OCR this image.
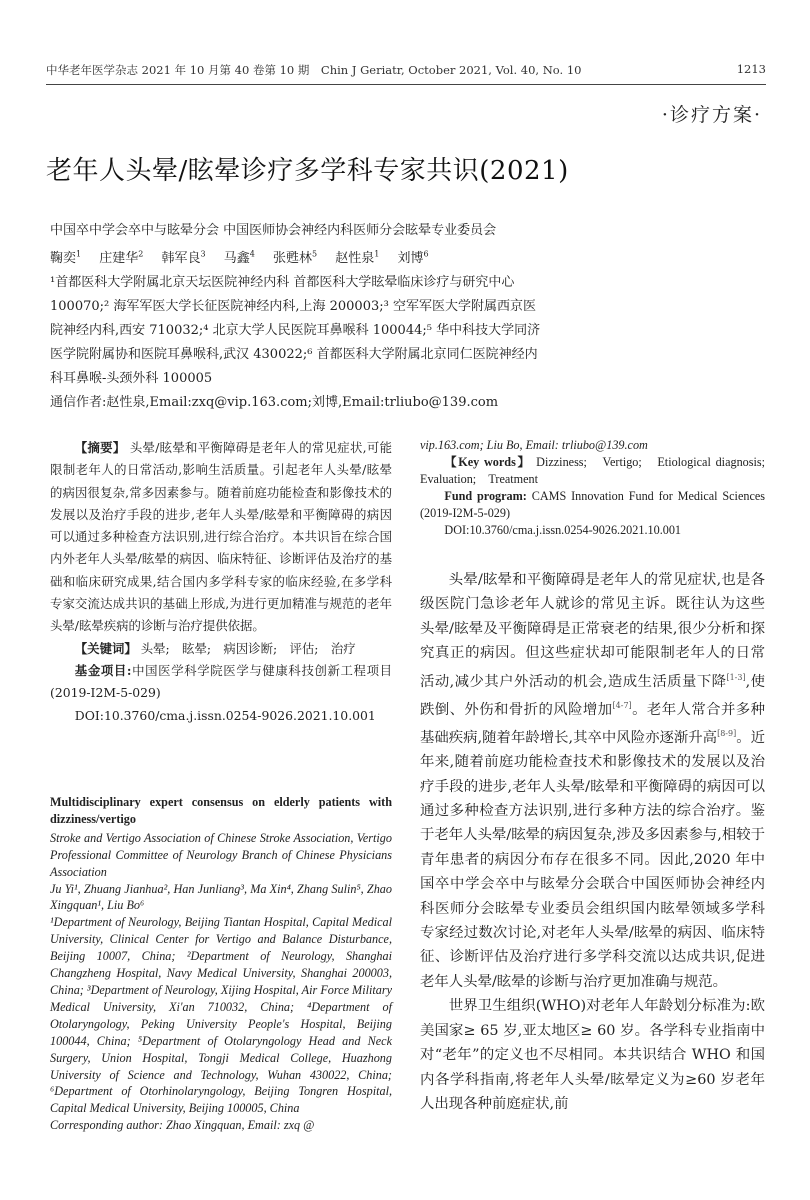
中华老年医学杂志 2021 年 10 月第 40 卷第 10 期　Chin J Geriatr, October 2021, Vol. 40, No. 10	1213
·诊疗方案·
老年人头晕/眩晕诊疗多学科专家共识(2021)
中国卒中学会卒中与眩晕分会 中国医师协会神经内科医师分会眩晕专业委员会
鞠奕$^1$ 庄建华$^2$ 韩军良$^3$ 马鑫$^4$ 张甦林$^5$ 赵性泉$^1$ 刘博$^6$
¹首都医科大学附属北京天坛医院神经内科 首都医科大学眩晕临床诊疗与研究中心
100070;² 海军军医大学长征医院神经内科,上海 200003;³ 空军军医大学附属西京医
院神经内科,西安 710032;⁴ 北京大学人民医院耳鼻喉科 100044;⁵ 华中科技大学同济
医学院附属协和医院耳鼻喉科,武汉 430022;⁶ 首都医科大学附属北京同仁医院神经内
科耳鼻喉-头颈外科 100005
通信作者:赵性泉,Email:zxq@vip.163.com;刘博,Email:trliubo@139.com

【摘要】 头晕/眩晕和平衡障碍是老年人的常见症状,可能限制老年人的日常活动,影响生活质量。引起老年人头晕/眩晕的病因很复杂,常多因素参与。随着前庭功能检查和影像技术的发展以及治疗手段的进步,老年人头晕/眩晕和平衡障碍的病因可以通过多种检查方法识别,进行综合治疗。本共识旨在综合国内外老年人头晕/眩晕的病因、临床特征、诊断评估及治疗的基础和临床研究成果,结合国内多学科专家的临床经验,在多学科专家交流达成共识的基础上形成,为进行更加精准与规范的老年头晕/眩晕疾病的诊断与治疗提供依据。

【关键词】 头晕;　眩晕;　病因诊断;　评估;　治疗

基金项目:中国医学科学院医学与健康科技创新工程项目(2019-I2M-5-029)

DOI:10.3760/cma.j.issn.0254-9026.2021.10.001

Multidisciplinary expert consensus on elderly patients with dizziness/vertigo
Stroke and Vertigo Association of Chinese Stroke Association, Vertigo Professional Committee of Neurology Branch of Chinese Physicians Association
Ju Yi¹, Zhuang Jianhua², Han Junliang³, Ma Xin⁴, Zhang Sulin⁵, Zhao Xingquan¹, Liu Bo⁶
¹Department of Neurology, Beijing Tiantan Hospital, Capital Medical University, Clinical Center for Vertigo and Balance Disturbance, Beijing 10007, China; ²Department of Neurology, Shanghai Changzheng Hospital, Navy Medical University, Shanghai 200003, China; ³Department of Neurology, Xijing Hospital, Air Force Military Medical University, Xi'an 710032, China; ⁴Department of Otolaryngology, Peking University People's Hospital, Beijing 100044, China; ⁵Department of Otolaryngology Head and Neck Surgery, Union Hospital, Tongji Medical College, Huazhong University of Science and Technology, Wuhan 430022, China; ⁶Department of Otorhinolaryngology, Beijing Tongren Hospital, Capital Medical University, Beijing 100005, China
Corresponding author: Zhao Xingquan, Email: zxq @

vip.163.com; Liu Bo, Email: trliubo@139.com

【Key words】 Dizziness;　Vertigo;　Etiological diagnosis;　Evaluation;　Treatment

Fund program: CAMS Innovation Fund for Medical Sciences (2019-I2M-5-029)

DOI:10.3760/cma.j.issn.0254-9026.2021.10.001

头晕/眩晕和平衡障碍是老年人的常见症状,也是各级医院门急诊老年人就诊的常见主诉。既往认为这些头晕/眩晕及平衡障碍是正常衰老的结果,很少分析和探究真正的病因。但这些症状却可能限制老年人的日常活动,减少其户外活动的机会,造成生活质量下降[1-3],使跌倒、外伤和骨折的风险增加[4-7]。老年人常合并多种基础疾病,随着年龄增长,其卒中风险亦逐渐升高[8-9]。近年来,随着前庭功能检查技术和影像技术的发展以及治疗手段的进步,老年人头晕/眩晕和平衡障碍的病因可以通过多种检查方法识别,进行多种方法的综合治疗。鉴于老年人头晕/眩晕的病因复杂,涉及多因素参与,相较于青年患者的病因分布存在很多不同。因此,2020 年中国卒中学会卒中与眩晕分会联合中国医师协会神经内科医师分会眩晕专业委员会组织国内眩晕领域多学科专家经过数次讨论,对老年人头晕/眩晕的病因、临床特征、诊断评估及治疗进行多学科交流以达成共识,促进老年人头晕/眩晕的诊断与治疗更加准确与规范。

世界卫生组织(WHO)对老年人年龄划分标准为:欧美国家≥ 65 岁,亚太地区≥ 60 岁。各学科专业指南中对“老年”的定义也不尽相同。本共识结合 WHO 和国内各学科指南,将老年人头晕/眩晕定义为≥60 岁老年人出现各种前庭症状,前
